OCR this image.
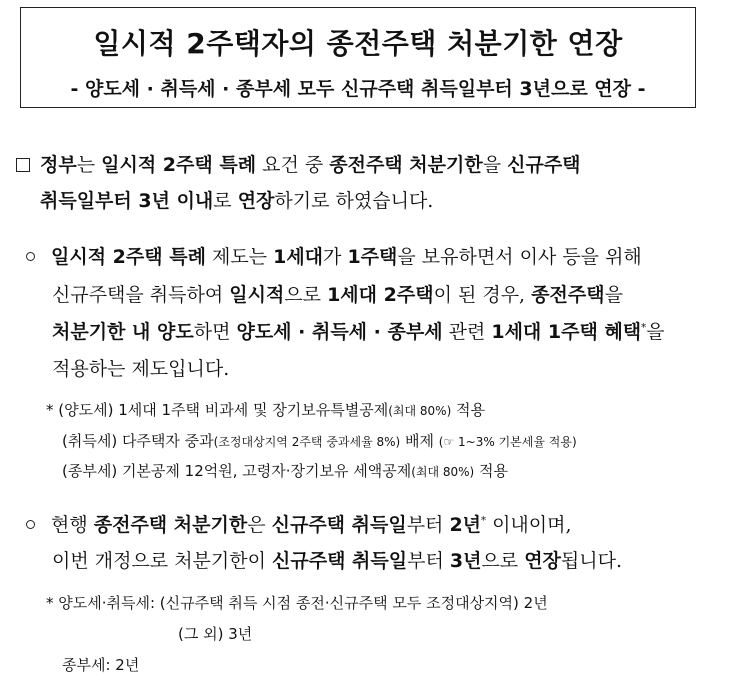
일시적 2주택자의 종전주택 처분기한 연장
- 양도세 · 취득세 · 종부세 모두 신규주택 취득일부터 3년으로 연장 -
정부는 일시적 2주택 특례 요건 중 종전주택 처분기한을 신규주택
취득일부터 3년 이내로 연장하기로 하였습니다.
일시적 2주택 특례 제도는 1세대가 1주택을 보유하면서 이사 등을 위해
신규주택을 취득하여 일시적으로 1세대 2주택이 된 경우, 종전주택을
처분기한 내 양도하면 양도세 · 취득세 · 종부세 관련 1세대 1주택 혜택*을
적용하는 제도입니다.
* (양도세) 1세대 1주택 비과세 및 장기보유특별공제(최대 80%) 적용
(취득세) 다주택자 중과(조정대상지역 2주택 중과세율 8%) 배제 (☞ 1~3% 기본세율 적용)
(종부세) 기본공제 12억원, 고령자·장기보유 세액공제(최대 80%) 적용
현행 종전주택 처분기한은 신규주택 취득일부터 2년* 이내이며,
이번 개정으로 처분기한이 신규주택 취득일부터 3년으로 연장됩니다.
* 양도세·취득세: (신규주택 취득 시점 종전·신규주택 모두 조정대상지역) 2년
(그 외) 3년
종부세: 2년
